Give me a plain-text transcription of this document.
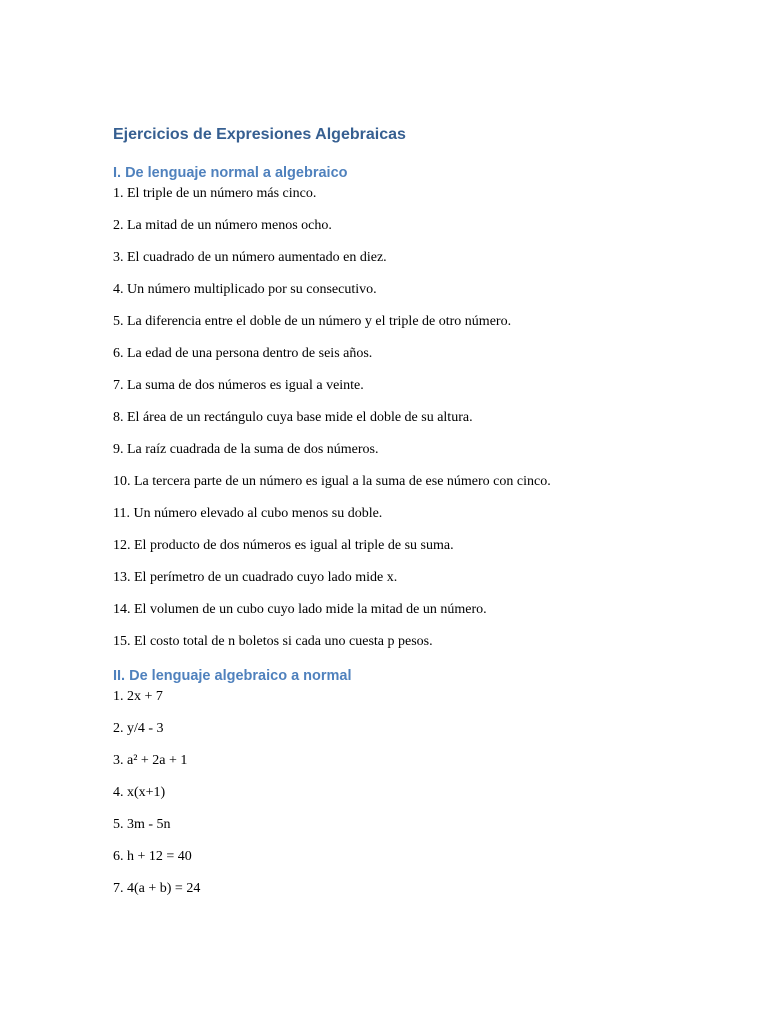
Ejercicios de Expresiones Algebraicas
I. De lenguaje normal a algebraico
1. El triple de un número más cinco.
2. La mitad de un número menos ocho.
3. El cuadrado de un número aumentado en diez.
4. Un número multiplicado por su consecutivo.
5. La diferencia entre el doble de un número y el triple de otro número.
6. La edad de una persona dentro de seis años.
7. La suma de dos números es igual a veinte.
8. El área de un rectángulo cuya base mide el doble de su altura.
9. La raíz cuadrada de la suma de dos números.
10. La tercera parte de un número es igual a la suma de ese número con cinco.
11. Un número elevado al cubo menos su doble.
12. El producto de dos números es igual al triple de su suma.
13. El perímetro de un cuadrado cuyo lado mide x.
14. El volumen de un cubo cuyo lado mide la mitad de un número.
15. El costo total de n boletos si cada uno cuesta p pesos.
II. De lenguaje algebraico a normal
1. 2x + 7
2. y/4 - 3
3. a² + 2a + 1
4. x(x+1)
5. 3m - 5n
6. h + 12 = 40
7. 4(a + b) = 24
